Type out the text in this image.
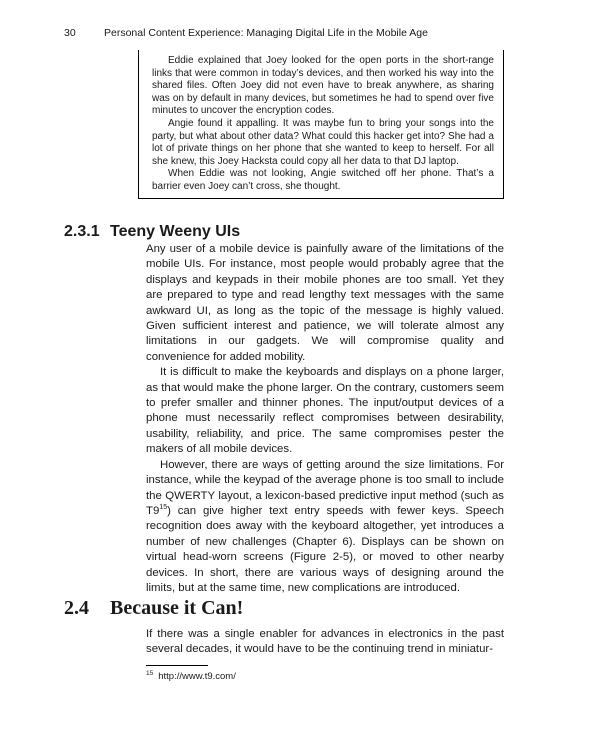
30	Personal Content Experience: Managing Digital Life in the Mobile Age

Eddie explained that Joey looked for the open ports in the short-range links that were common in today’s devices, and then worked his way into the shared files. Often Joey did not even have to break anywhere, as sharing was on by default in many devices, but sometimes he had to spend over five minutes to uncover the encryption codes.

Angie found it appalling. It was maybe fun to bring your songs into the party, but what about other data? What could this hacker get into? She had a lot of private things on her phone that she wanted to keep to herself. For all she knew, this Joey Hacksta could copy all her data to that DJ laptop.

When Eddie was not looking, Angie switched off her phone. That’s a barrier even Joey can’t cross, she thought.

2.3.1 Teeny Weeny UIs

Any user of a mobile device is painfully aware of the limitations of the mobile UIs. For instance, most people would probably agree that the displays and keypads in their mobile phones are too small. Yet they are prepared to type and read lengthy text messages with the same awkward UI, as long as the topic of the message is highly valued. Given sufficient interest and patience, we will tolerate almost any limitations in our gadgets. We will compromise quality and convenience for added mobility.

It is difficult to make the keyboards and displays on a phone larger, as that would make the phone larger. On the contrary, customers seem to prefer smaller and thinner phones. The input/output devices of a phone must necessarily reflect compromises between desirability, usability, reliability, and price. The same compromises pester the makers of all mobile devices.

However, there are ways of getting around the size limitations. For instance, while the keypad of the average phone is too small to include the QWERTY layout, a lexicon-based predictive input method (such as $T9^{15}$) can give higher text entry speeds with fewer keys. Speech recognition does away with the keyboard altogether, yet introduces a number of new challenges (Chapter 6). Displays can be shown on virtual head-worn screens (Figure 2-5), or moved to other nearby devices. In short, there are various ways of designing around the limits, but at the same time, new complications are introduced.

2.4 Because it Can!

If there was a single enabler for advances in electronics in the past several decades, it would have to be the continuing trend in miniatur-

$^{15}$ http://www.t9.com/
